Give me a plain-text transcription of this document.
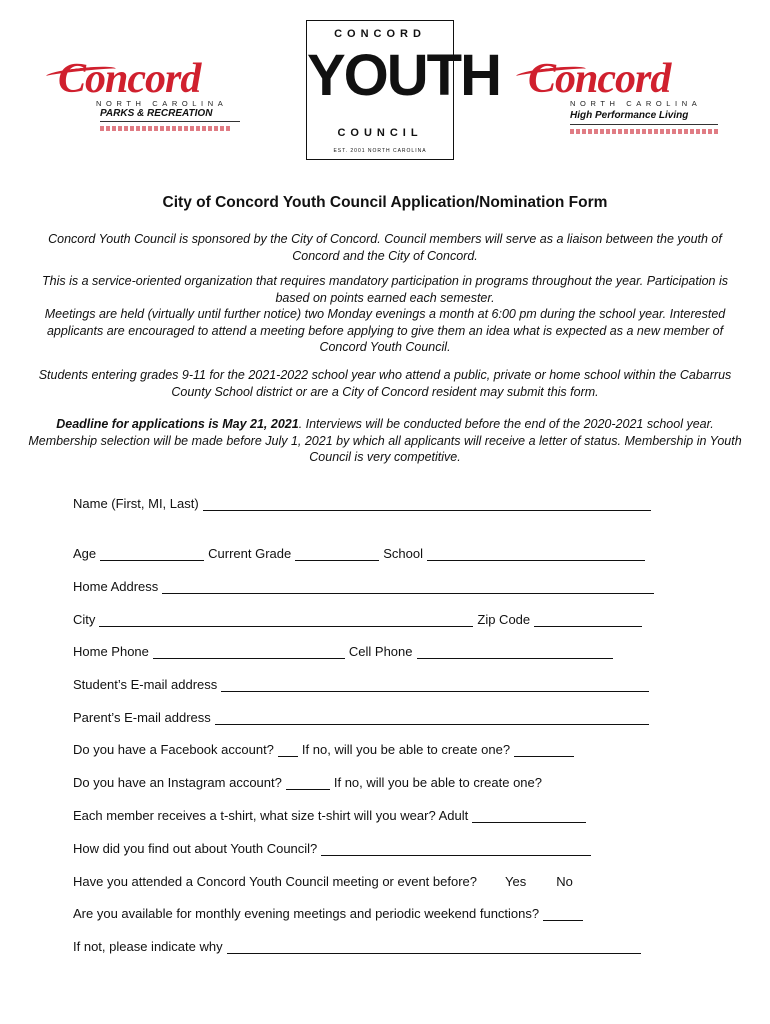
Concord
NORTH CAROLINA
PARKS & RECREATION
CONCORD
YOUTH
COUNCIL
EST. 2001 NORTH CAROLINA
Concord
NORTH CAROLINA
High Performance Living
City of Concord Youth Council Application/Nomination Form
Concord Youth Council is sponsored by the City of Concord. Council members will serve as a liaison between the youth of Concord and the City of Concord.
This is a service-oriented organization that requires mandatory participation in programs throughout the year. Participation is based on points earned each semester.
Meetings are held (virtually until further notice) two Monday evenings a month at 6:00 pm during the school year. Interested applicants are encouraged to attend a meeting before applying to give them an idea what is expected as a new member of Concord Youth Council.
Students entering grades 9-11 for the 2021-2022 school year who attend a public, private or home school within the Cabarrus County School district or are a City of Concord resident may submit this form.
Deadline for applications is May 21, 2021. Interviews will be conducted before the end of the 2020-2021 school year. Membership selection will be made before July 1, 2021 by which all applicants will receive a letter of status. Membership in Youth Council is very competitive.
Name (First, MI, Last)
Age	Current Grade	School
Home Address
City	Zip Code
Home Phone	Cell Phone
Student’s E-mail address
Parent’s E-mail address
Do you have a Facebook account? If no, will you be able to create one?
Do you have an Instagram account?	If no, will you be able to create one?
Each member receives a t-shirt, what size t-shirt will you wear? Adult
How did you find out about Youth Council?
Have you attended a Concord Youth Council meeting or event before? Yes No
Are you available for monthly evening meetings and periodic weekend functions?
If not, please indicate why
